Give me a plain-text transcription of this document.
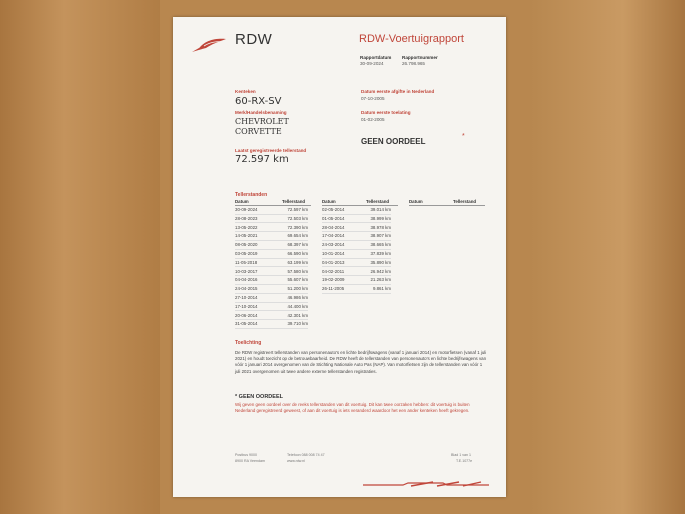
RDW	RDW-Voertuigrapport
Rapportdatum
30-09-2024
Rapportnummer
26.798.965
Kenteken
60-RX-SV
Merk/Handelsbenaming
CHEVROLET
CORVETTE
Laatst geregistreerde tellerstand
72.597 km
Datum eerste afgifte in Nederland
07-10-2005
Datum eerste toelating
01-02-2005
GEEN OORDEEL
*
Tellerstanden
Datum	Tellerstand	Datum	Tellerstand	Datum	Tellerstand
30-09-2024	72.597 km
28-08-2023	72.503 km
13-05-2022	72.390 km
14-05-2021	69.654 km
08-05-2020	68.397 km
03-05-2019	66.590 km
11-05-2018	63.199 km
10-03-2017	57.580 km
04-04-2016	55.607 km
24-04-2015	51.200 km
27-10-2014	46.986 km
17-10-2014	44.400 km
20-06-2014	42.301 km
31-05-2014	39.710 km
02-05-2014	39.014 km
01-05-2014	38.999 km
28-04-2014	38.978 km
17-04-2014	38.907 km
24-03-2014	38.665 km
10-01-2014	37.839 km
04-01-2013	35.890 km
04-02-2011	26.942 km
19-02-2009	21.263 km
26-11-2005	9.861 km
Toelichting
De RDW registreert tellerstanden van personenauto's en lichte bedrijfswagens (vanaf 1 januari 2014) en motorfietsen (vanaf 1 juli 2021) en houdt toezicht op de betrouwbaarheid. De RDW heeft de tellerstanden van personenauto's en lichte bedrijfswagens van vóór 1 januari 2014 overgenomen van de Stichting Nationale Auto Pas (NAP). Van motorfietsen zijn de tellerstanden van vóór 1 juli 2021 overgenomen uit twee andere externe tellerstanden registraties.
* GEEN OORDEEL
Wij geven geen oordeel over de reeks tellerstanden van dit voertuig. Dit kan twee oorzaken hebben: dit voertuig is buiten Nederland geregistreerd geweest, of aan dit voertuig is iets veranderd waardoor het een ander kenteken heeft gekregen.
Postbus 9000
8900 RA Veendam
Telefoon 088 008 74 47
www.rdw.nl
Blad 1 van 1
T.E.1077e
